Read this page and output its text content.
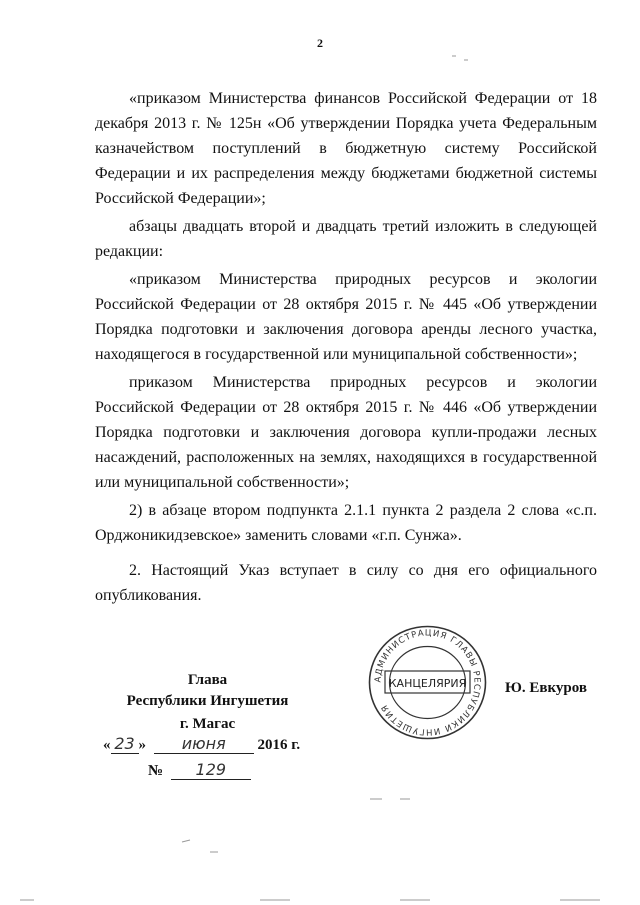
2

«приказом Министерства финансов Российской Федерации от 18 декабря 2013 г. № 125н «Об утверждении Порядка учета Федеральным казначейством поступлений в бюджетную систему Российской Федерации и их распределения между бюджетами бюджетной системы Российской Федерации»;

абзацы двадцать второй и двадцать третий изложить в следующей редакции:

«приказом Министерства природных ресурсов и экологии Российской Федерации от 28 октября 2015 г. № 445 «Об утверждении Порядка подготовки и заключения договора аренды лесного участка, находящегося в государственной или муниципальной собственности»;

приказом Министерства природных ресурсов и экологии Российской Федерации от 28 октября 2015 г. № 446 «Об утверждении Порядка подготовки и заключения договора купли-продажи лесных насаждений, расположенных на землях, находящихся в государственной или муниципальной собственности»;

2) в абзаце втором подпункта 2.1.1 пункта 2 раздела 2 слова «с.п. Орджоникидзевское» заменить словами «г.п. Сунжа».

2. Настоящий Указ вступает в силу со дня его официального опубликования.

Глава
Республики Ингушетия
г. Магас
« 23 » июня 2016 г.
№ 129
Ю. Евкуров
АДМИНИСТРАЦИЯ ГЛАВЫ РЕСПУБЛИКИ ИНГУШЕТИЯ
КАНЦЕЛЯРИЯ
